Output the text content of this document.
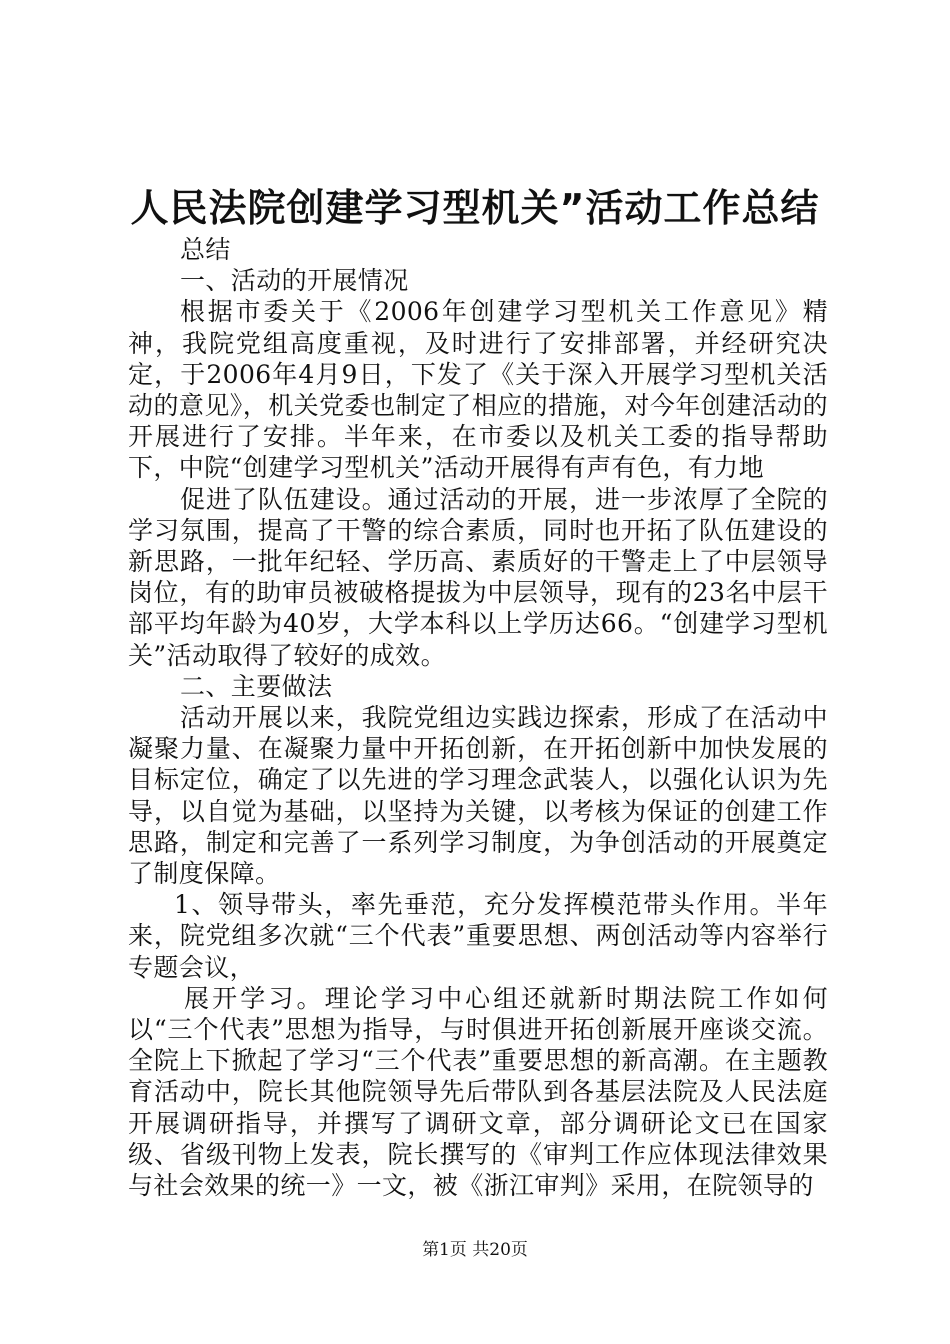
人民法院创建学习型机关”活动工作总结

总结

一、活动的开展情况

根据市委关于《2006年创建学习型机关工作意见》精神，我院党组高度重视，及时进行了安排部署，并经研究决定，于2006年4月9日，下发了《关于深入开展学习型机关活动的意见》，机关党委也制定了相应的措施，对今年创建活动的开展进行了安排。半年来，在市委以及机关工委的指导帮助下，中院“创建学习型机关”活动开展得有声有色，有力地

促进了队伍建设。通过活动的开展，进一步浓厚了全院的学习氛围，提高了干警的综合素质，同时也开拓了队伍建设的新思路，一批年纪轻、学历高、素质好的干警走上了中层领导岗位，有的助审员被破格提拔为中层领导，现有的23名中层干部平均年龄为40岁，大学本科以上学历达66。“创建学习型机关”活动取得了较好的成效。

二、主要做法

活动开展以来，我院党组边实践边探索，形成了在活动中凝聚力量、在凝聚力量中开拓创新，在开拓创新中加快发展的目标定位，确定了以先进的学习理念武装人，以强化认识为先导，以自觉为基础，以坚持为关键，以考核为保证的创建工作思路，制定和完善了一系列学习制度，为争创活动的开展奠定了制度保障。

1、领导带头，率先垂范，充分发挥模范带头作用。半年来，院党组多次就“三个代表”重要思想、两创活动等内容举行专题会议，

展开学习。理论学习中心组还就新时期法院工作如何以“三个代表”思想为指导，与时俱进开拓创新展开座谈交流。全院上下掀起了学习“三个代表”重要思想的新高潮。在主题教育活动中，院长其他院领导先后带队到各基层法院及人民法庭开展调研指导，并撰写了调研文章，部分调研论文已在国家级、省级刊物上发表，院长撰写的《审判工作应体现法律效果与社会效果的统一》一文，被《浙江审判》采用，在院领导的

第1页 共20页
